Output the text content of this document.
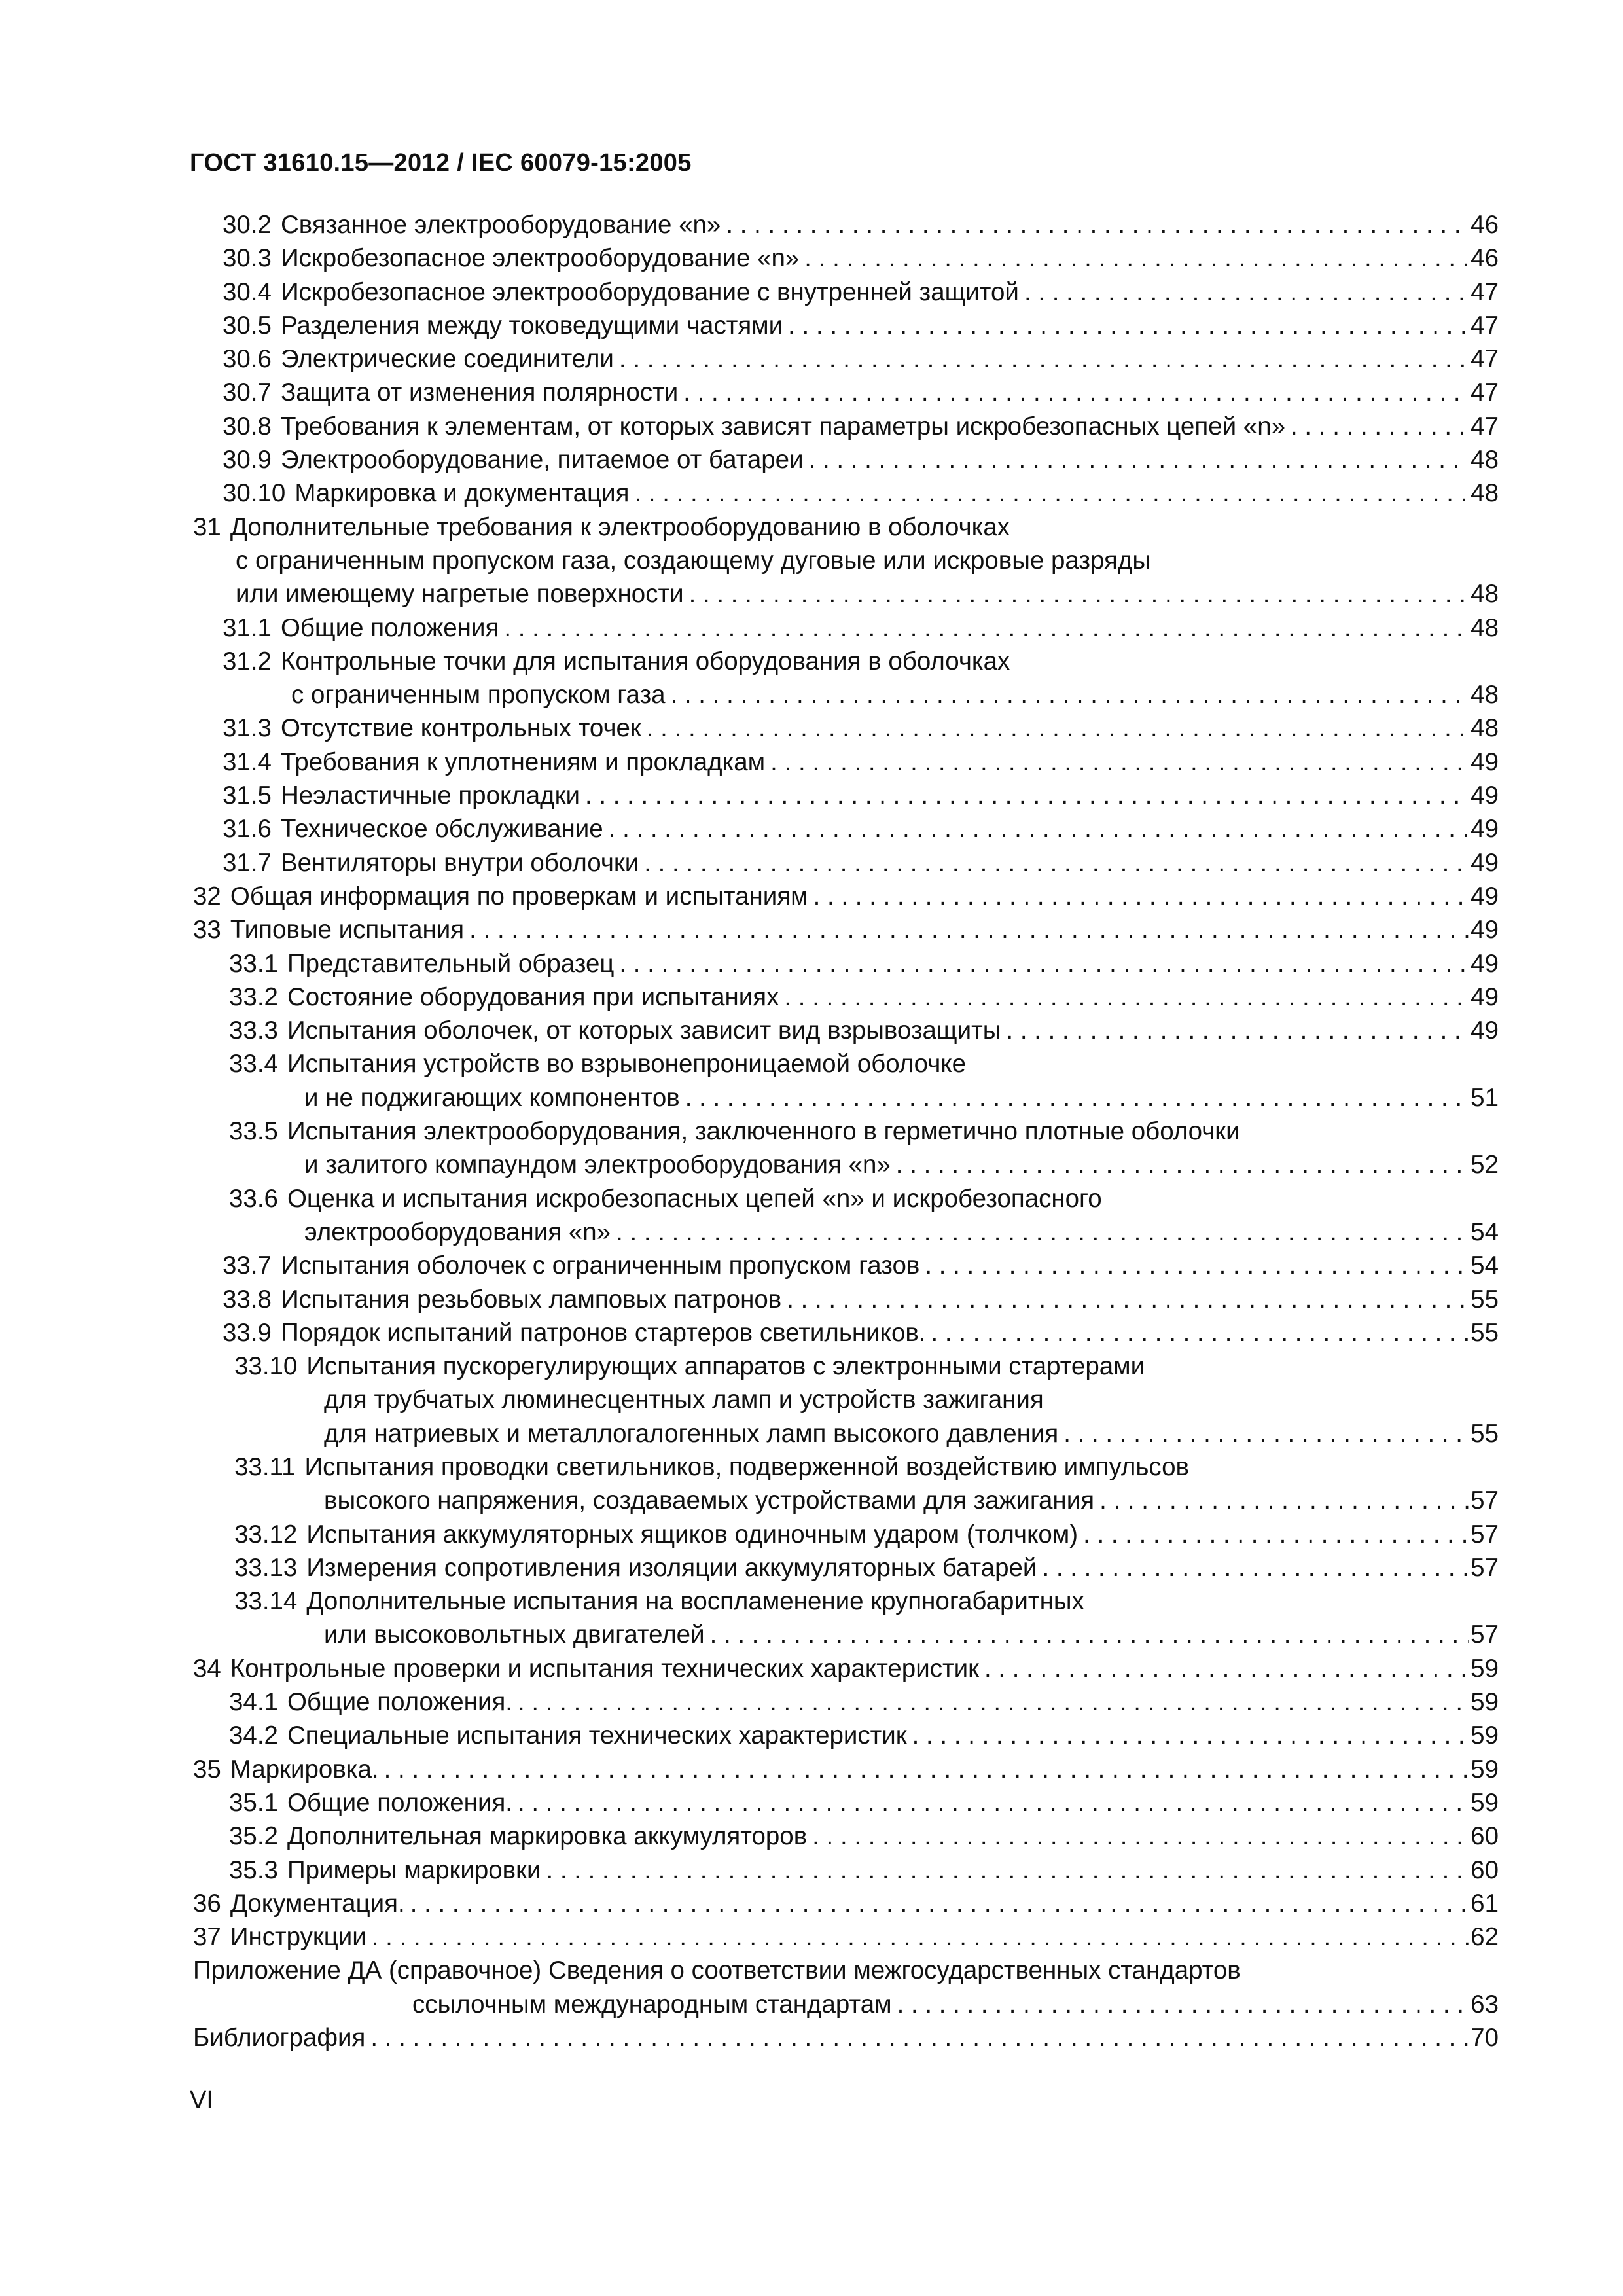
ГОСТ 31610.15—2012 / IEC 60079-15:2005
30.2 Связанное электрооборудование «n» . . .	46
30.3 Искробезопасное электрооборудование «n» . . .	46
30.4 Искробезопасное электрооборудование с внутренней защитой . . .	47
30.5 Разделения между токоведущими частями . . .	47
30.6 Электрические соединители . . .	47
30.7 Защита от изменения полярности . . .	47
30.8 Требования к элементам, от которых зависят параметры искробезопасных цепей «n» . . .	47
30.9 Электрооборудование, питаемое от батареи . . .	48
30.10 Маркировка и документация . . .	48
31 Дополнительные требования к электрооборудованию в оболочках
с ограниченным пропуском газа, создающему дуговые или искровые разряды
или имеющему нагретые поверхности . . .	48
31.1 Общие положения . . .	48
31.2 Контрольные точки для испытания оборудования в оболочках
с ограниченным пропуском газа . . .	48
31.3 Отсутствие контрольных точек . . .	48
31.4 Требования к уплотнениям и прокладкам . . .	49
31.5 Неэластичные прокладки . . .	49
31.6 Техническое обслуживание . . .	49
31.7 Вентиляторы внутри оболочки . . .	49
32 Общая информация по проверкам и испытаниям . . .	49
33 Типовые испытания . . .	49
33.1 Представительный образец . . .	49
33.2 Состояние оборудования при испытаниях . . .	49
33.3 Испытания оболочек, от которых зависит вид взрывозащиты . . .	49
33.4 Испытания устройств во взрывонепроницаемой оболочке
и не поджигающих компонентов . . .	51
33.5 Испытания электрооборудования, заключенного в герметично плотные оболочки
и залитого компаундом электрооборудования «n» . . .	52
33.6 Оценка и испытания искробезопасных цепей «n» и искробезопасного
электрооборудования «n» . . .	54
33.7 Испытания оболочек с ограниченным пропуском газов . . .	54
33.8 Испытания резьбовых ламповых патронов . . .	55
33.9 Порядок испытаний патронов стартеров светильников. . . .	55
33.10 Испытания пускорегулирующих аппаратов с электронными стартерами
для трубчатых люминесцентных ламп и устройств зажигания
для натриевых и металлогалогенных ламп высокого давления . . .	55
33.11 Испытания проводки светильников, подверженной воздействию импульсов
высокого напряжения, создаваемых устройствами для зажигания . . .	57
33.12 Испытания аккумуляторных ящиков одиночным ударом (толчком) . . .	57
33.13 Измерения сопротивления изоляции аккумуляторных батарей . . .	57
33.14 Дополнительные испытания на воспламенение крупногабаритных
или высоковольтных двигателей . . .	57
34 Контрольные проверки и испытания технических характеристик . . .	59
34.1 Общие положения. . . .	59
34.2 Специальные испытания технических характеристик . . .	59
35 Маркировка. . . .	59
35.1 Общие положения. . . .	59
35.2 Дополнительная маркировка аккумуляторов . . .	60
35.3 Примеры маркировки . . .	60
36 Документация. . . .	61
37 Инструкции . . .	62
Приложение ДА (справочное) Сведения о соответствии межгосударственных стандартов
ссылочным международным стандартам . . .	63
Библиография . . .	70
VI
